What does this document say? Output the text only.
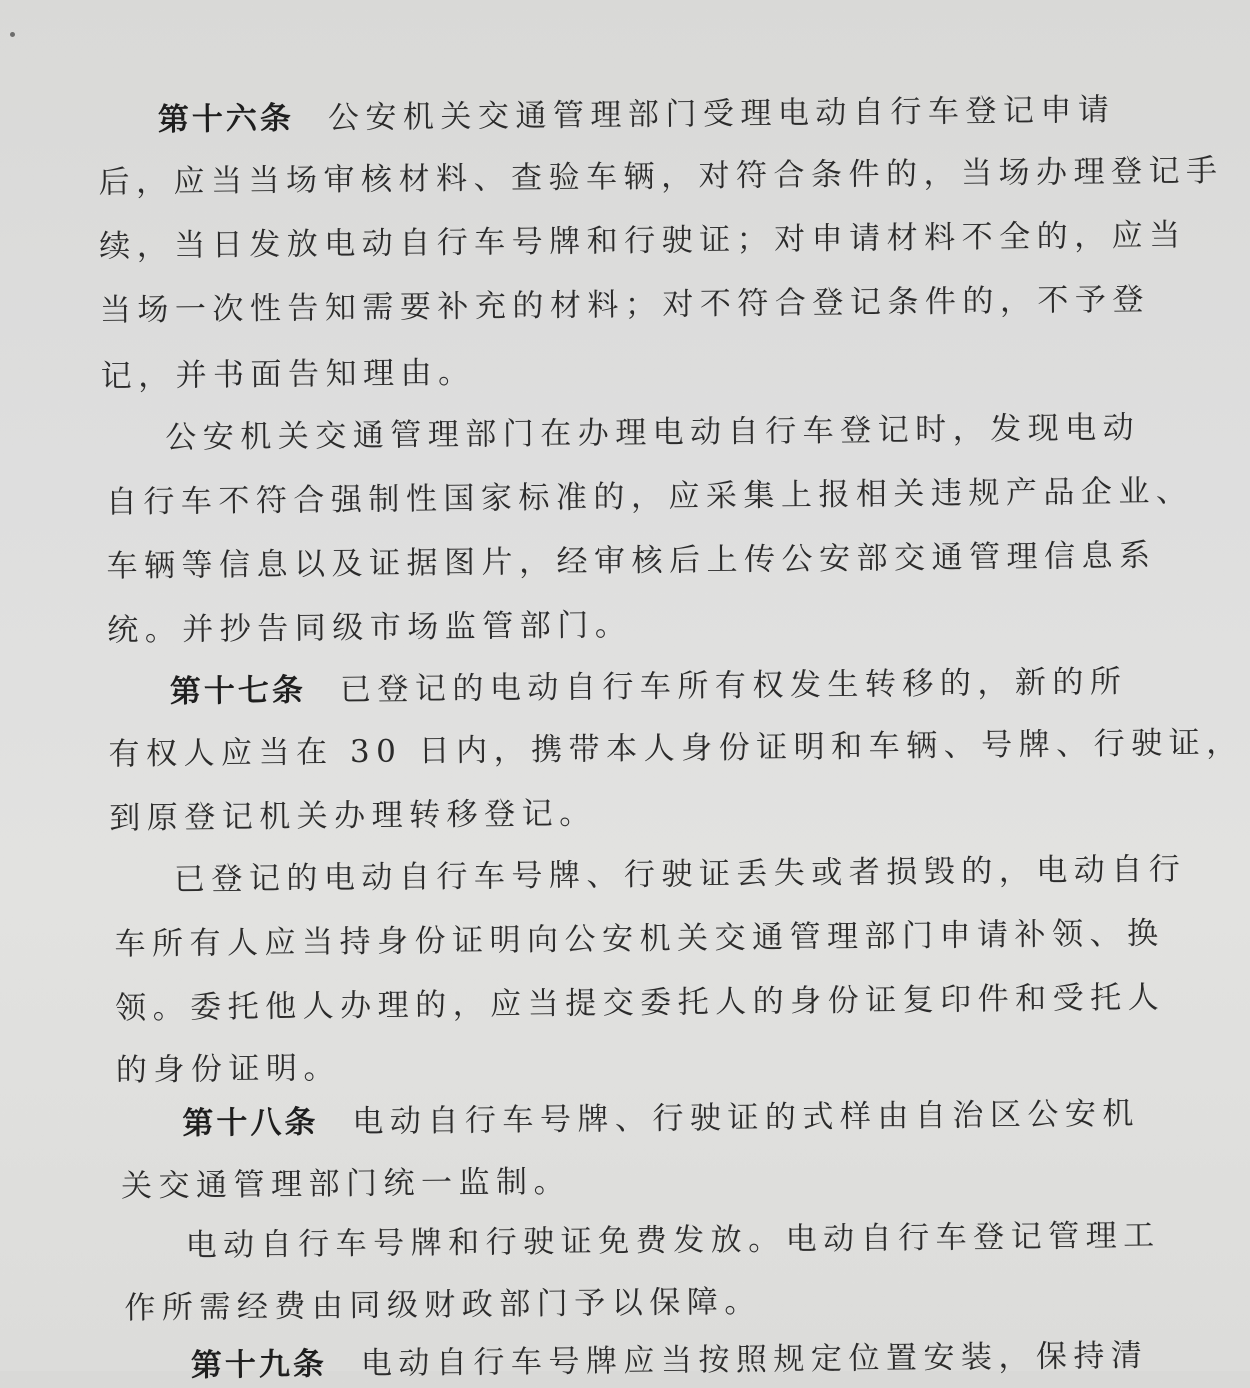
第十六条 公安机关交通管理部门受理电动自行车登记申请
后，应当当场审核材料、查验车辆，对符合条件的，当场办理登记手
续，当日发放电动自行车号牌和行驶证；对申请材料不全的，应当
当场一次性告知需要补充的材料；对不符合登记条件的，不予登
记，并书面告知理由。
公安机关交通管理部门在办理电动自行车登记时，发现电动
自行车不符合强制性国家标准的，应采集上报相关违规产品企业、
车辆等信息以及证据图片，经审核后上传公安部交通管理信息系
统。并抄告同级市场监管部门。
第十七条 已登记的电动自行车所有权发生转移的，新的所
有权人应当在 30 日内，携带本人身份证明和车辆、号牌、行驶证，
到原登记机关办理转移登记。
已登记的电动自行车号牌、行驶证丢失或者损毁的，电动自行
车所有人应当持身份证明向公安机关交通管理部门申请补领、换
领。委托他人办理的，应当提交委托人的身份证复印件和受托人
的身份证明。
第十八条 电动自行车号牌、行驶证的式样由自治区公安机
关交通管理部门统一监制。
电动自行车号牌和行驶证免费发放。电动自行车登记管理工
作所需经费由同级财政部门予以保障。
第十九条 电动自行车号牌应当按照规定位置安装，保持清
